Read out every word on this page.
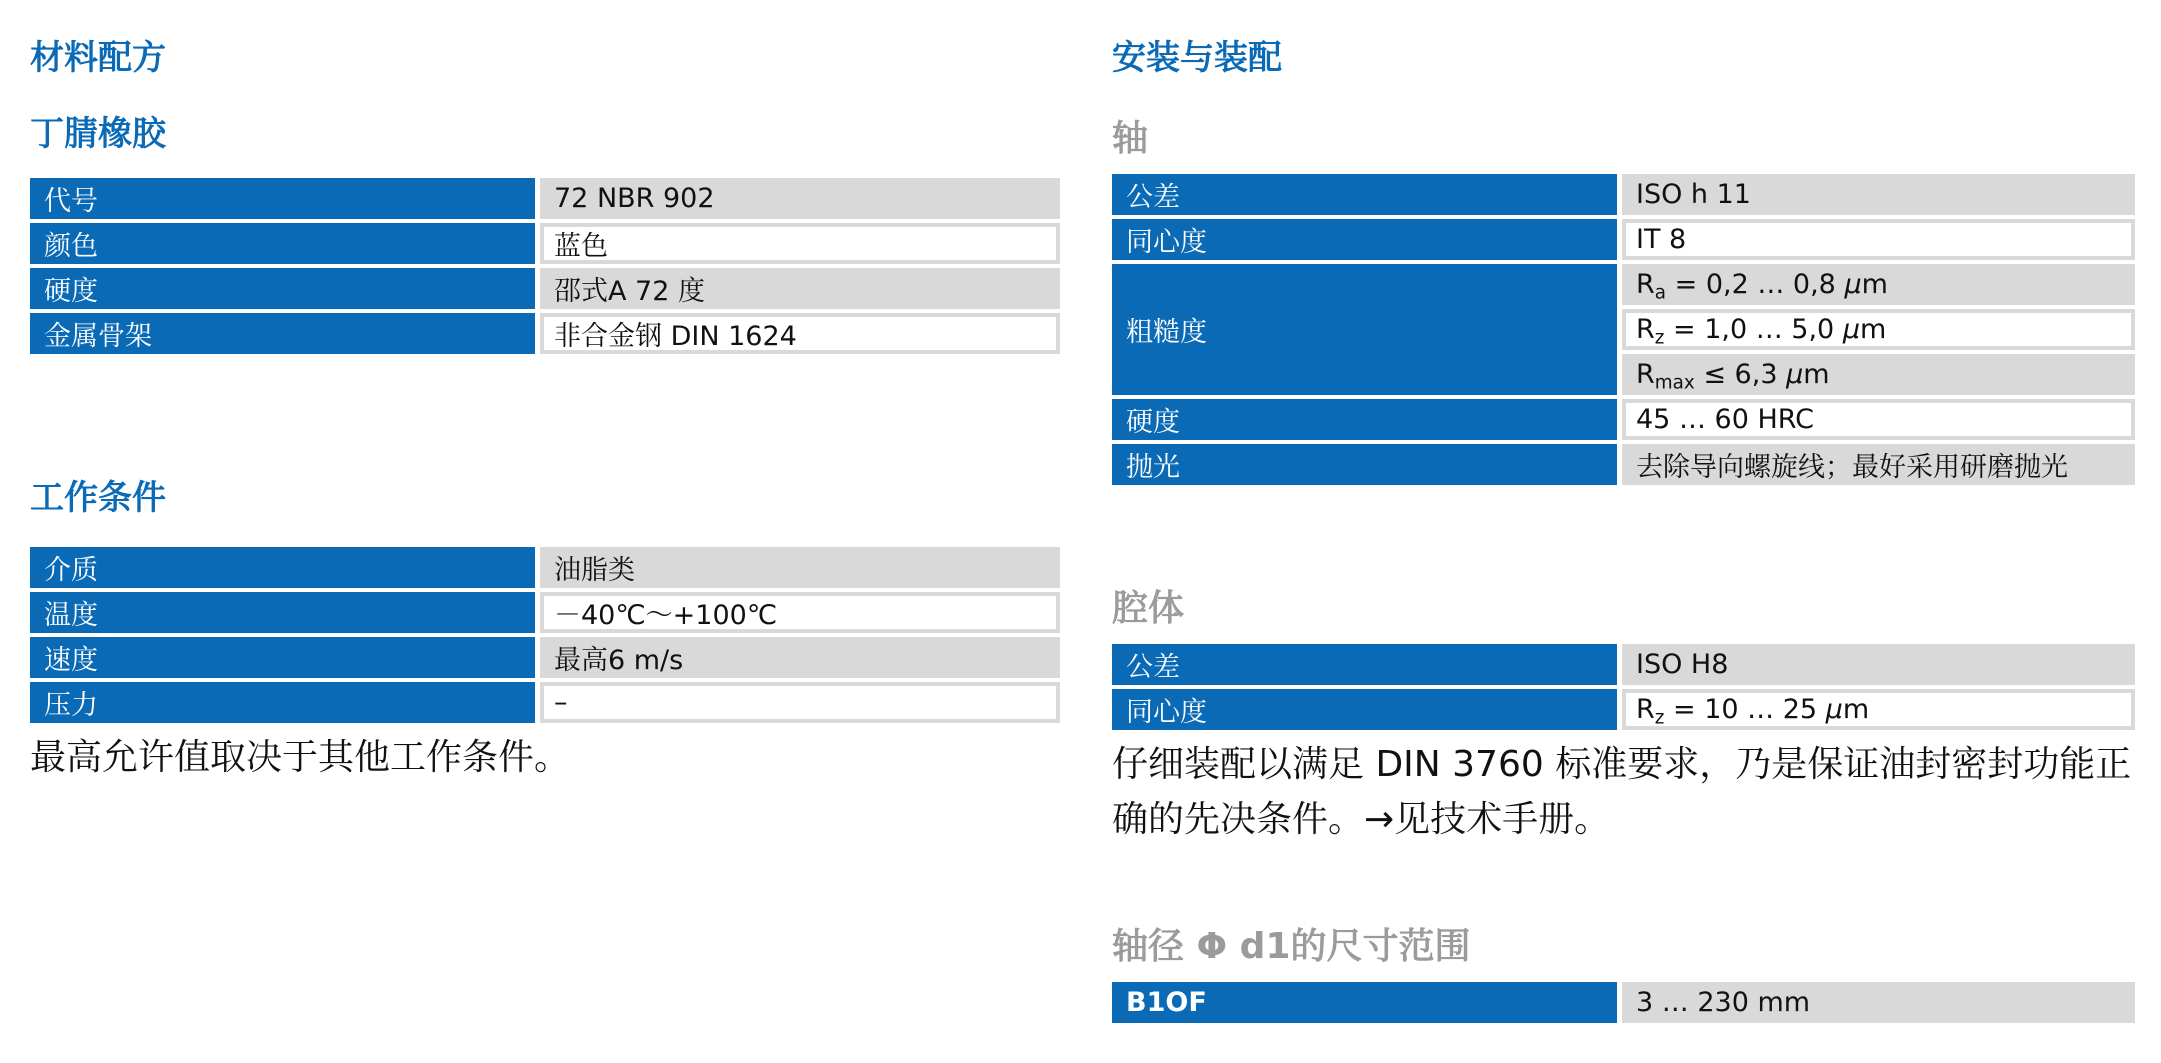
材料配方
丁腈橡胶
代号	72 NBR 902
颜色	蓝色
硬度	邵式A 72 度
金属骨架	非合金钢 DIN 1624
工作条件
介质	油脂类
温度	－40℃～+100℃
速度	最高6 m/s
压力	–

最高允许值取决于其他工作条件。

安装与装配
轴
公差	ISO h 11
同心度	IT 8
粗糙度	$R_a = 0,2$ … 0,8 µm
	$R_z = 1,0$ … 5,0 µm
	$R_{max} \le 6,3$ µm
硬度	45 … 60 HRC
抛光	去除导向螺旋线；最好采用研磨抛光
腔体
公差	ISO H8
同心度	$R_z = 10$ … 25 µm

仔细装配以满足 DIN 3760 标准要求，乃是保证油封密封功能正确的先决条件。→见技术手册。

轴径 Φ d1的尺寸范围
B1OF	3 … 230 mm
